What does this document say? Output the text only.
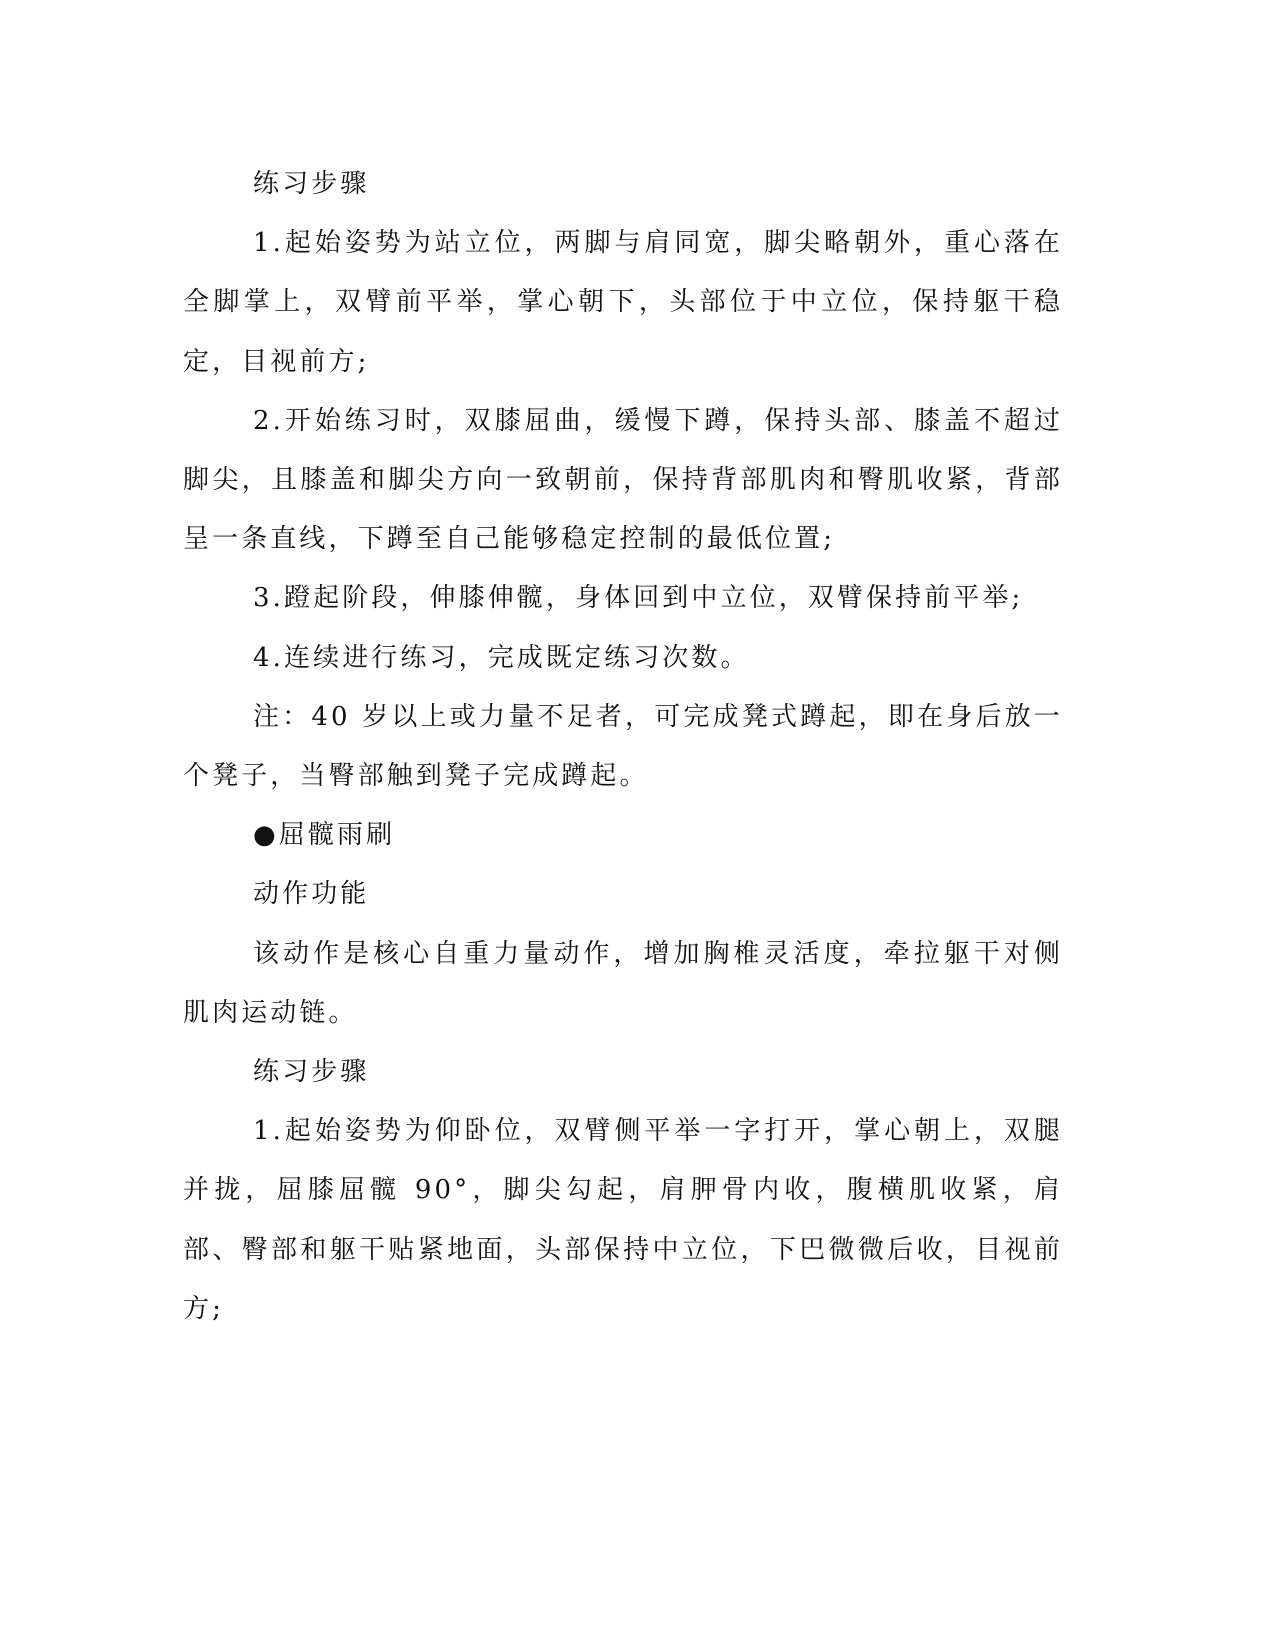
练习步骤

1.起始姿势为站立位，两脚与肩同宽，脚尖略朝外，重心落在全脚掌上，双臂前平举，掌心朝下，头部位于中立位，保持躯干稳定，目视前方;

2.开始练习时，双膝屈曲，缓慢下蹲，保持头部、膝盖不超过脚尖，且膝盖和脚尖方向一致朝前，保持背部肌肉和臀肌收紧，背部呈一条直线，下蹲至自己能够稳定控制的最低位置;

3.蹬起阶段，伸膝伸髋，身体回到中立位，双臂保持前平举;

4.连续进行练习，完成既定练习次数。

注：40 岁以上或力量不足者，可完成凳式蹲起，即在身后放一个凳子，当臀部触到凳子完成蹲起。

●屈髋雨刷

动作功能

该动作是核心自重力量动作，增加胸椎灵活度，牵拉躯干对侧肌肉运动链。

练习步骤

1.起始姿势为仰卧位，双臂侧平举一字打开，掌心朝上，双腿并拢，屈膝屈髋 90°，脚尖勾起，肩胛骨内收，腹横肌收紧，肩部、臀部和躯干贴紧地面，头部保持中立位，下巴微微后收，目视前方;
